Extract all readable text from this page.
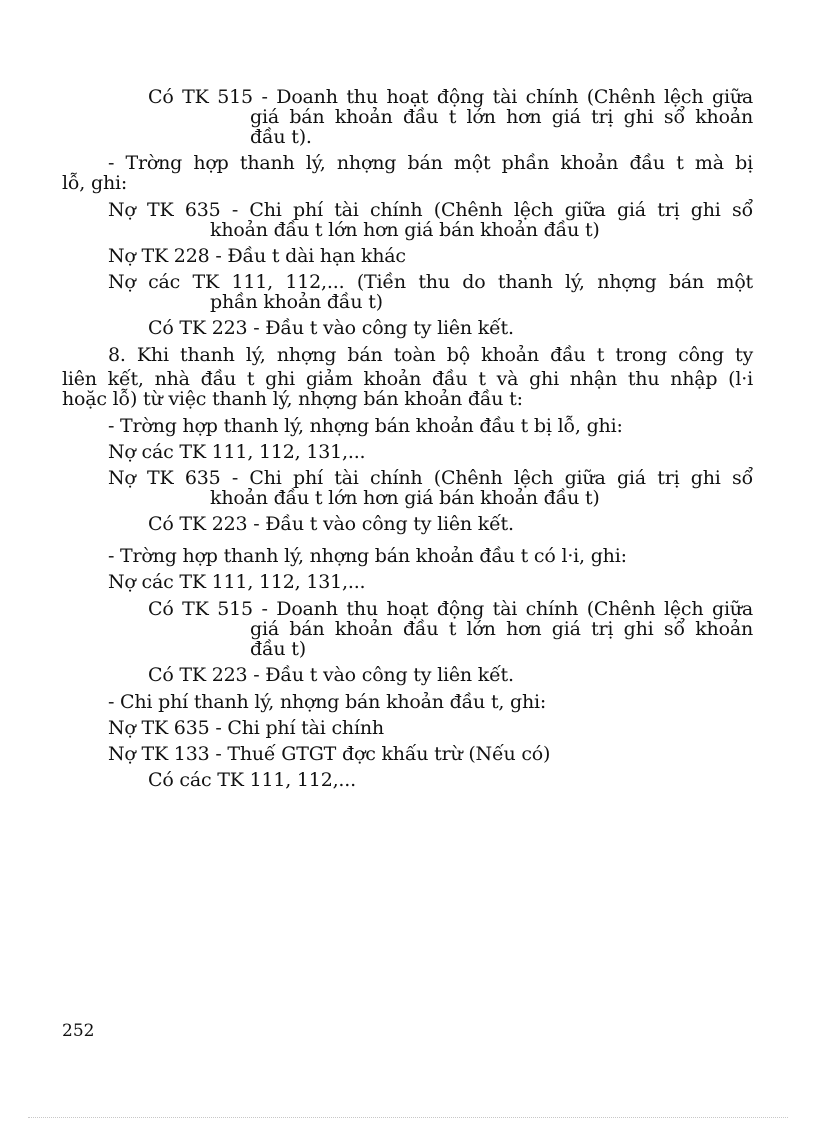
Có TK 515 - Doanh thu hoạt động tài chính (Chênh lệch giữa
giá bán khoản đầu t lớn hơn giá trị ghi sổ khoản
đầu t).
- Trờng hợp thanh lý, nhợng bán một phần khoản đầu t mà bị
lỗ, ghi:
Nợ TK 635 - Chi phí tài chính (Chênh lệch giữa giá trị ghi sổ
khoản đầu t lớn hơn giá bán khoản đầu t)
Nợ TK 228 - Đầu t dài hạn khác
Nợ các TK 111, 112,... (Tiền thu do thanh lý, nhợng bán một
phần khoản đầu t)
Có TK 223 - Đầu t vào công ty liên kết.
8. Khi thanh lý, nhợng bán toàn bộ khoản đầu t trong công ty
liên kết, nhà đầu t ghi giảm khoản đầu t và ghi nhận thu nhập (l·i
hoặc lỗ) từ việc thanh lý, nhợng bán khoản đầu t:
- Trờng hợp thanh lý, nhợng bán khoản đầu t bị lỗ, ghi:
Nợ các TK 111, 112, 131,...
Nợ TK 635 - Chi phí tài chính (Chênh lệch giữa giá trị ghi sổ
khoản đầu t lớn hơn giá bán khoản đầu t)
Có TK 223 - Đầu t vào công ty liên kết.
- Trờng hợp thanh lý, nhợng bán khoản đầu t có l·i, ghi:
Nợ các TK 111, 112, 131,...
Có TK 515 - Doanh thu hoạt động tài chính (Chênh lệch giữa
giá bán khoản đầu t lớn hơn giá trị ghi sổ khoản
đầu t)
Có TK 223 - Đầu t vào công ty liên kết.
- Chi phí thanh lý, nhợng bán khoản đầu t, ghi:
Nợ TK 635 - Chi phí tài chính
Nợ TK 133 - Thuế GTGT đợc khấu trừ (Nếu có)
Có các TK 111, 112,...
252
